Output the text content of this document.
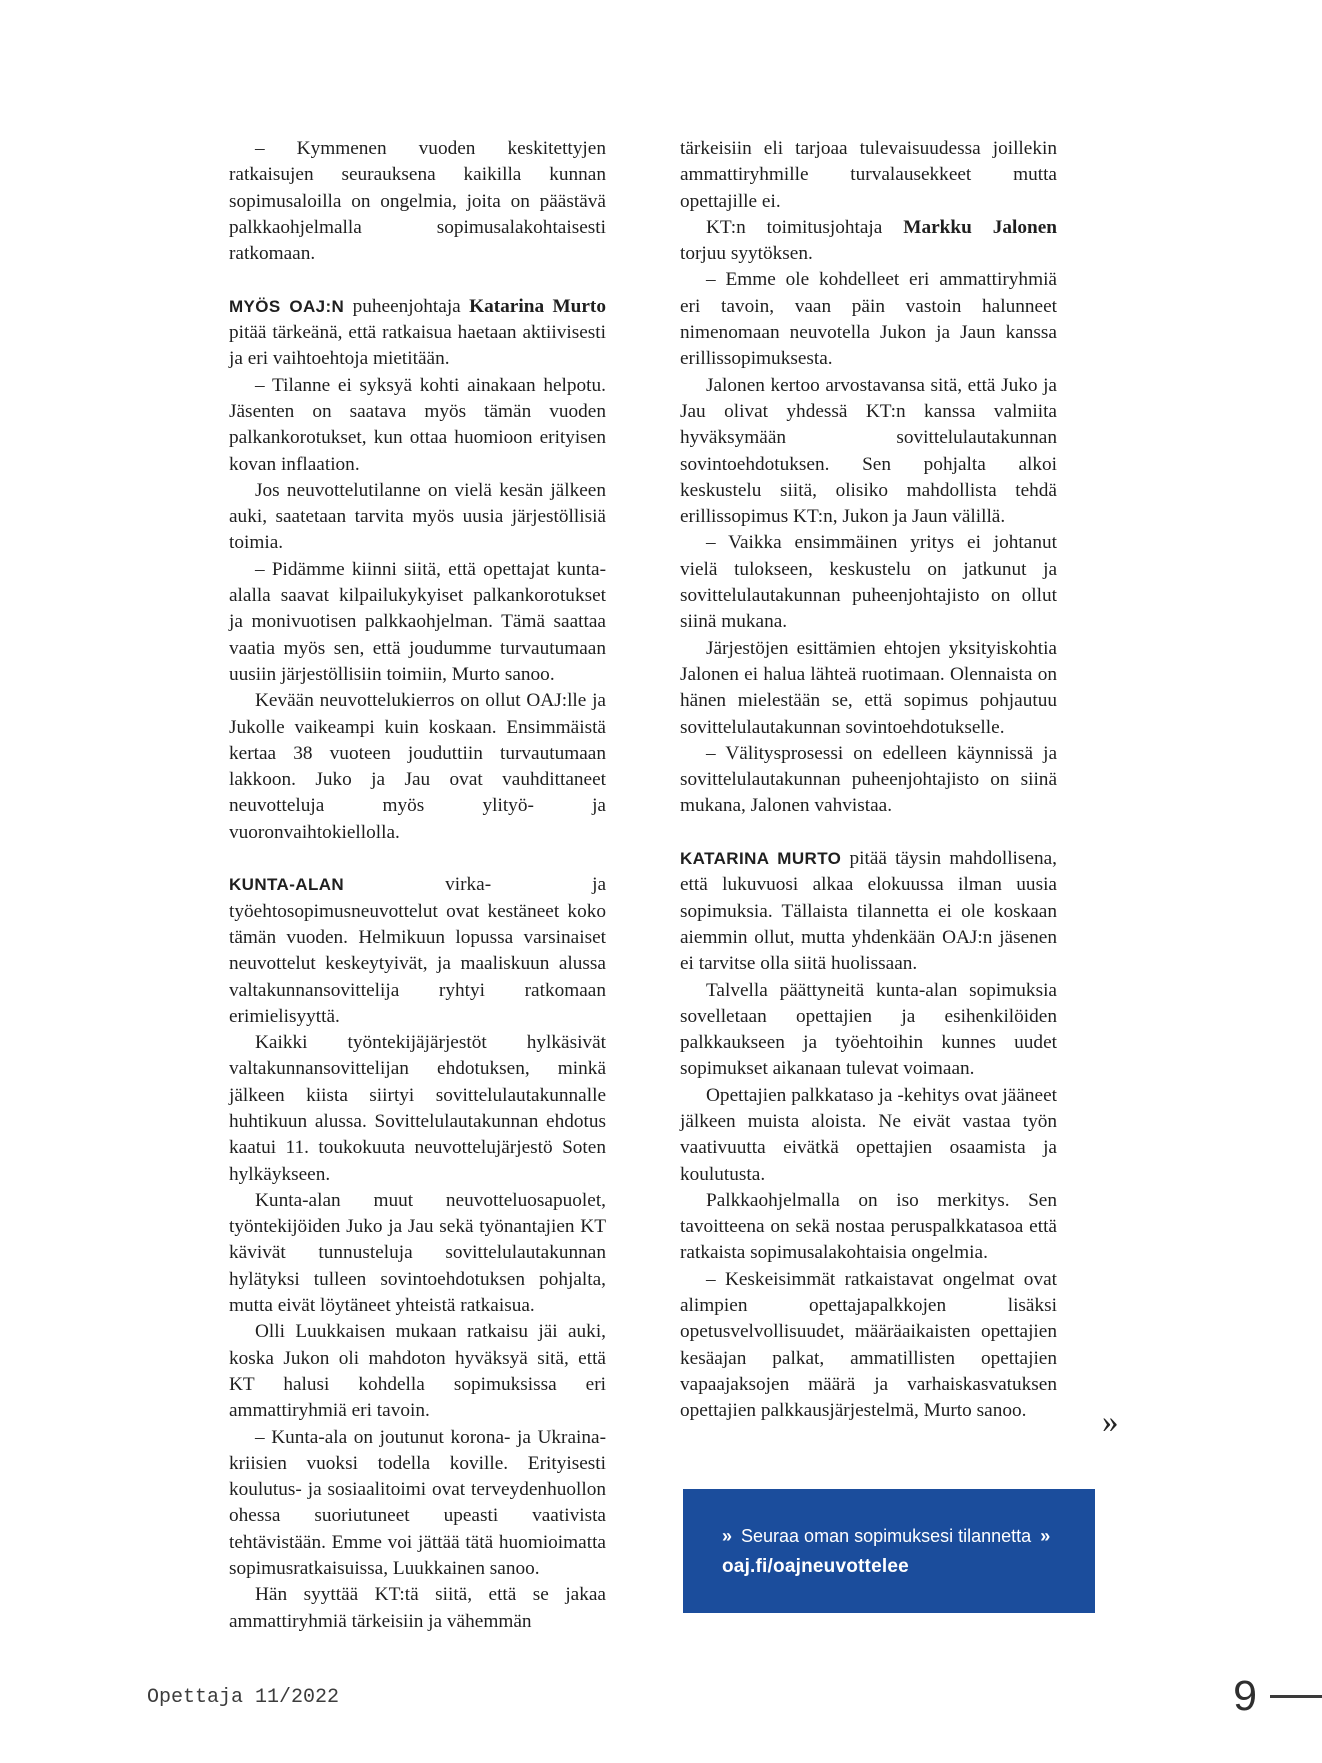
– Kymmenen vuoden keskitettyjen ratkaisujen seurauksena kaikilla kunnan sopimusaloilla on ongelmia, joita on päästävä palkkaohjelmalla sopimusalakohtaisesti ratkomaan.

MYÖS OAJ:N puheenjohtaja Katarina Murto pitää tärkeänä, että ratkaisua haetaan aktiivisesti ja eri vaihtoehtoja mietitään.

– Tilanne ei syksyä kohti ainakaan helpotu. Jäsenten on saatava myös tämän vuoden palkankorotukset, kun ottaa huomioon erityisen kovan inflaation.

Jos neuvottelutilanne on vielä kesän jälkeen auki, saatetaan tarvita myös uusia järjestöllisiä toimia.

– Pidämme kiinni siitä, että opettajat kunta-alalla saavat kilpailukykyiset palkankorotukset ja monivuotisen palkkaohjelman. Tämä saattaa vaatia myös sen, että joudumme turvautumaan uusiin järjestöllisiin toimiin, Murto sanoo.

Kevään neuvottelukierros on ollut OAJ:lle ja Jukolle vaikeampi kuin koskaan. Ensimmäistä kertaa 38 vuoteen jouduttiin turvautumaan lakkoon. Juko ja Jau ovat vauhdittaneet neuvotteluja myös ylityö- ja vuoronvaihtokiellolla.

KUNTA-ALAN virka- ja työehtosopimusneuvottelut ovat kestäneet koko tämän vuoden. Helmikuun lopussa varsinaiset neuvottelut keskeytyivät, ja maaliskuun alussa valtakunnansovittelija ryhtyi ratkomaan erimielisyyttä.

Kaikki työntekijäjärjestöt hylkäsivät valtakunnansovittelijan ehdotuksen, minkä jälkeen kiista siirtyi sovittelulautakunnalle huhtikuun alussa. Sovittelulautakunnan ehdotus kaatui 11. toukokuuta neuvottelujärjestö Soten hylkäykseen.

Kunta-alan muut neuvotteluosapuolet, työntekijöiden Juko ja Jau sekä työnantajien KT kävivät tunnusteluja sovittelulautakunnan hylätyksi tulleen sovintoehdotuksen pohjalta, mutta eivät löytäneet yhteistä ratkaisua.

Olli Luukkaisen mukaan ratkaisu jäi auki, koska Jukon oli mahdoton hyväksyä sitä, että KT halusi kohdella sopimuksissa eri ammattiryhmiä eri tavoin.

– Kunta-ala on joutunut korona- ja Ukraina-kriisien vuoksi todella koville. Erityisesti koulutus- ja sosiaalitoimi ovat terveydenhuollon ohessa suoriutuneet upeasti vaativista tehtävistään. Emme voi jättää tätä huomioimatta sopimusratkaisuissa, Luukkainen sanoo.

Hän syyttää KT:tä siitä, että se jakaa ammattiryhmiä tärkeisiin ja vähemmän

tärkeisiin eli tarjoaa tulevaisuudessa joillekin ammattiryhmille turvalausekkeet mutta opettajille ei.

KT:n toimitusjohtaja Markku Jalonen torjuu syytöksen.

– Emme ole kohdelleet eri ammattiryhmiä eri tavoin, vaan päin vastoin halunneet nimenomaan neuvotella Jukon ja Jaun kanssa erillissopimuksesta.

Jalonen kertoo arvostavansa sitä, että Juko ja Jau olivat yhdessä KT:n kanssa valmiita hyväksymään sovittelulautakunnan sovintoehdotuksen. Sen pohjalta alkoi keskustelu siitä, olisiko mahdollista tehdä erillissopimus KT:n, Jukon ja Jaun välillä.

– Vaikka ensimmäinen yritys ei johtanut vielä tulokseen, keskustelu on jatkunut ja sovittelulautakunnan puheenjohtajisto on ollut siinä mukana.

Järjestöjen esittämien ehtojen yksityiskohtia Jalonen ei halua lähteä ruotimaan. Olennaista on hänen mielestään se, että sopimus pohjautuu sovittelulautakunnan sovintoehdotukselle.

– Välitysprosessi on edelleen käynnissä ja sovittelulautakunnan puheenjohtajisto on siinä mukana, Jalonen vahvistaa.

KATARINA MURTO pitää täysin mahdollisena, että lukuvuosi alkaa elokuussa ilman uusia sopimuksia. Tällaista tilannetta ei ole koskaan aiemmin ollut, mutta yhdenkään OAJ:n jäsenen ei tarvitse olla siitä huolissaan.

Talvella päättyneitä kunta-alan sopimuksia sovelletaan opettajien ja esihenkilöiden palkkaukseen ja työehtoihin kunnes uudet sopimukset aikanaan tulevat voimaan.

Opettajien palkkataso ja -kehitys ovat jääneet jälkeen muista aloista. Ne eivät vastaa työn vaativuutta eivätkä opettajien osaamista ja koulutusta.

Palkkaohjelmalla on iso merkitys. Sen tavoitteena on sekä nostaa peruspalkkatasoa että ratkaista sopimusalakohtaisia ongelmia.

– Keskeisimmät ratkaistavat ongelmat ovat alimpien opettajapalkkojen lisäksi opetusvelvollisuudet, määräaikaisten opettajien kesäajan palkat, ammatillisten opettajien vapaajaksojen määrä ja varhaiskasvatuksen opettajien palkkausjärjestelmä, Murto sanoo.	»
» Seuraa oman sopimuksesi tilannetta »
oaj.fi/oajneuvottelee
Opettaja 11/2022	9
